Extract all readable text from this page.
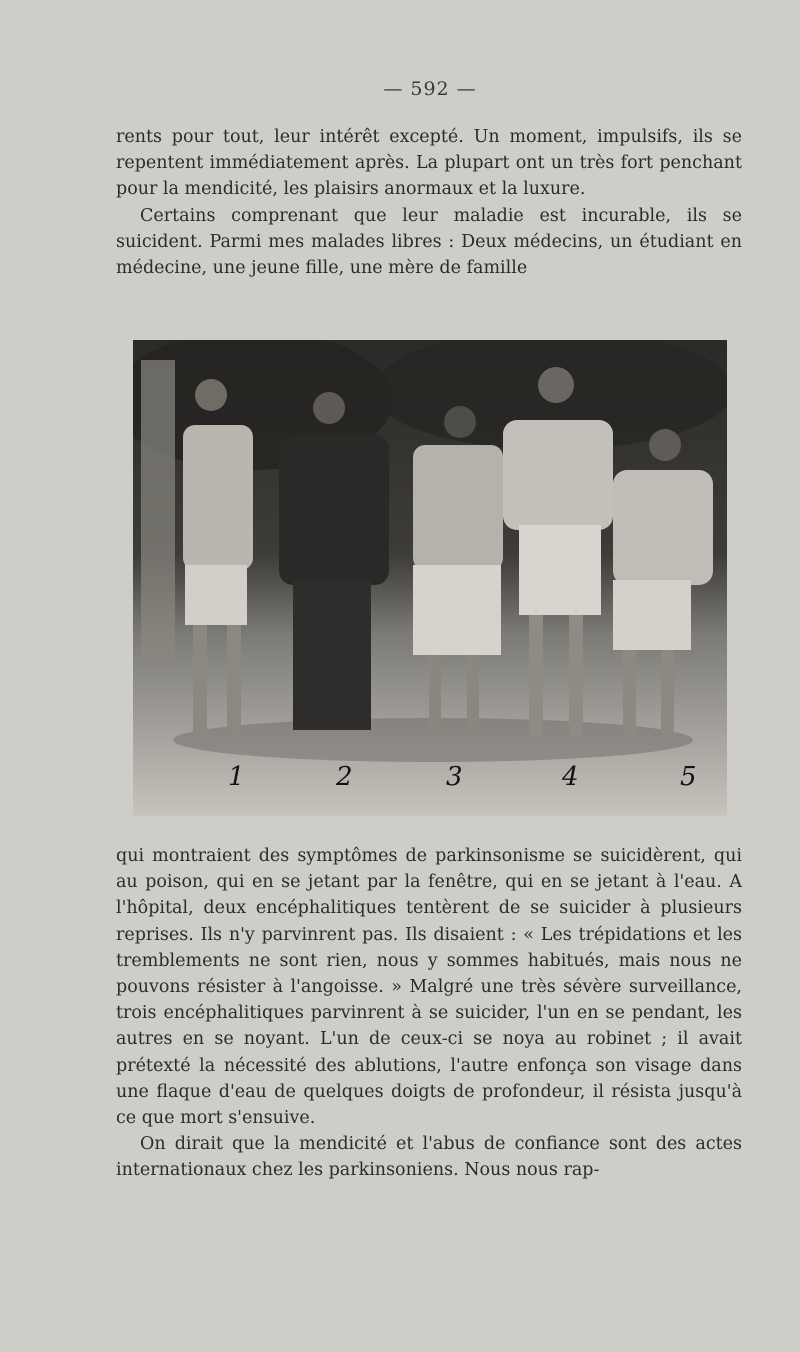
— 592 —

rents pour tout, leur intérêt excepté. Un moment, impulsifs, ils se repentent immédiatement après. La plupart ont un très fort penchant pour la mendicité, les plaisirs anormaux et la luxure.

Certains comprenant que leur maladie est incurable, ils se suicident. Parmi mes malades libres : Deux médecins, un étudiant en médecine, une jeune fille, une mère de famille

1	2	3	4	5

qui montraient des symptômes de parkinsonisme se suicidèrent, qui au poison, qui en se jetant par la fenêtre, qui en se jetant à l'eau. A l'hôpital, deux encéphalitiques tentèrent de se suicider à plusieurs reprises. Ils n'y parvinrent pas. Ils disaient : « Les trépidations et les tremblements ne sont rien, nous y sommes habitués, mais nous ne pouvons résister à l'angoisse. » Malgré une très sévère surveillance, trois encéphalitiques parvinrent à se suicider, l'un en se pendant, les autres en se noyant. L'un de ceux-ci se noya au robinet ; il avait prétexté la nécessité des ablutions, l'autre enfonça son visage dans une flaque d'eau de quelques doigts de profondeur, il résista jusqu'à ce que mort s'ensuive.

On dirait que la mendicité et l'abus de confiance sont des actes internationaux chez les parkinsoniens. Nous nous rap-
